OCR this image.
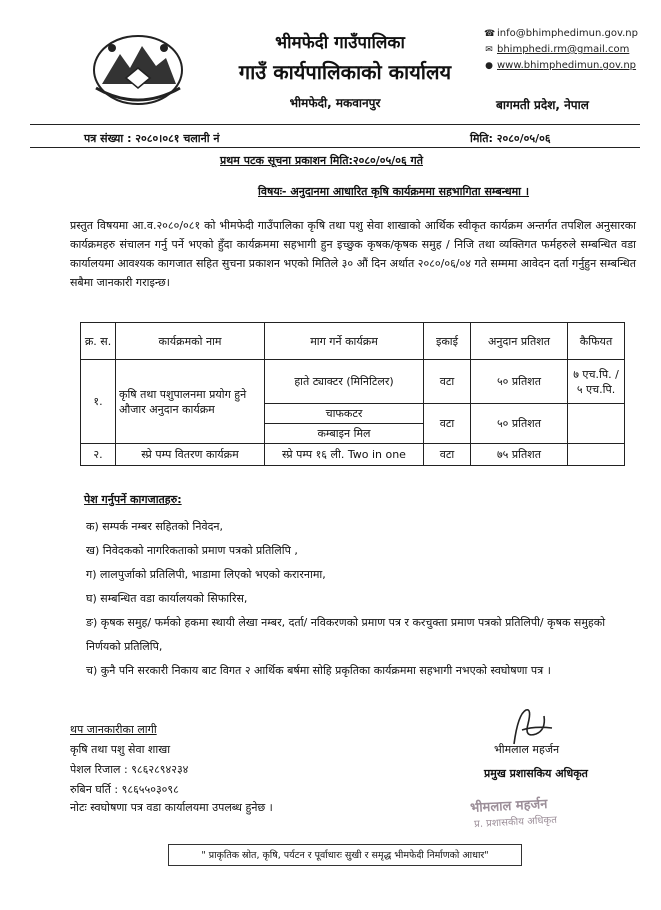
भीमफेदी गाउँपालिका
गाउँ कार्यपालिकाको कार्यालय
भीमफेदी, मकवानपुर
☎ info@bhimphedimun.gov.np
✉ bhimphedi.rm@gmail.com
● www.bhimphedimun.gov.np
बागमती प्रदेश, नेपाल
पत्र संख्या : २०८०।०८१ चलानी नं	मिति: २०८०/०५/०६
प्रथम पटक सूचना प्रकाशन मिति:२०८०/०५/०६ गते
विषयः- अनुदानमा आधारित कृषि कार्यक्रममा सहभागिता सम्बन्धमा ।
प्रस्तुत विषयमा आ.व.२०८०/०८१ को भीमफेदी गाउँपालिका कृषि तथा पशु सेवा शाखाको आर्थिक स्वीकृत कार्यक्रम अन्तर्गत तपशिल अनुसारका कार्यक्रमहरु संचालन गर्नु पर्ने भएको हुँदा कार्यक्रममा सहभागी हुन इच्छुक कृषक/कृषक समुह / निजि तथा व्यक्तिगत फर्महरुले सम्बन्धित वडा कार्यालयमा आवश्यक कागजात सहित सुचना प्रकाशन भएको मितिले ३० औं दिन अर्थात २०८०/०६/०४ गते सम्ममा आवेदन दर्ता गर्नुहुन सम्बन्धित सबैमा जानकारी गराइन्छ।
क्र. स.	कार्यक्रमको नाम	माग गर्ने कार्यक्रम	इकाई	अनुदान प्रतिशत	कैफियत
१.	कृषि तथा पशुपालनमा प्रयोग हुने औजार अनुदान कार्यक्रम	हाते ट्याक्टर (मिनिटिलर)	वटा	५० प्रतिशत	७ एच.पि. / ५ एच.पि.
		चाफकटर	वटा	५० प्रतिशत	
		कम्बाइन मिल			
२.	स्प्रे पम्प वितरण कार्यक्रम	स्प्रे पम्प १६ ली. Two in one	वटा	७५ प्रतिशत	
पेश गर्नुपर्ने कागजातहरु:
क) सम्पर्क नम्बर सहितको निवेदन,
ख) निवेदकको नागरिकताको प्रमाण पत्रको प्रतिलिपि ,
ग) लालपुर्जाको प्रतिलिपी, भाडामा लिएको भएको करारनामा,
घ) सम्बन्धित वडा कार्यालयको सिफारिस,
ङ) कृषक समुह/ फर्मको हकमा स्थायी लेखा नम्बर, दर्ता/ नविकरणको प्रमाण पत्र र करचुक्ता प्रमाण पत्रको प्रतिलिपी/ कृषक समुहको निर्णयको प्रतिलिपि,
च) कुनै पनि सरकारी निकाय बाट विगत २ आर्थिक बर्षमा सोहि प्रकृतिका कार्यक्रममा सहभागी नभएको स्वघोषणा पत्र ।
थप जानकारीका लागी
कृषि तथा पशु सेवा शाखा
पेशल रिजाल : ९८६२८९४२३४
रुबिन घर्ति : ९८६५५०३०९८
नोटः स्वघोषणा पत्र वडा कार्यालयमा उपलब्ध हुनेछ ।
भीमलाल महर्जन
प्रमुख प्रशासकिय अधिकृत
भीमलाल महर्जन
प्र. प्रशासकीय अधिकृत
" प्राकृतिक स्रोत, कृषि, पर्यटन र पूर्वाधारः सुखी र समृद्ध भीमफेदी निर्माणको आधार"
